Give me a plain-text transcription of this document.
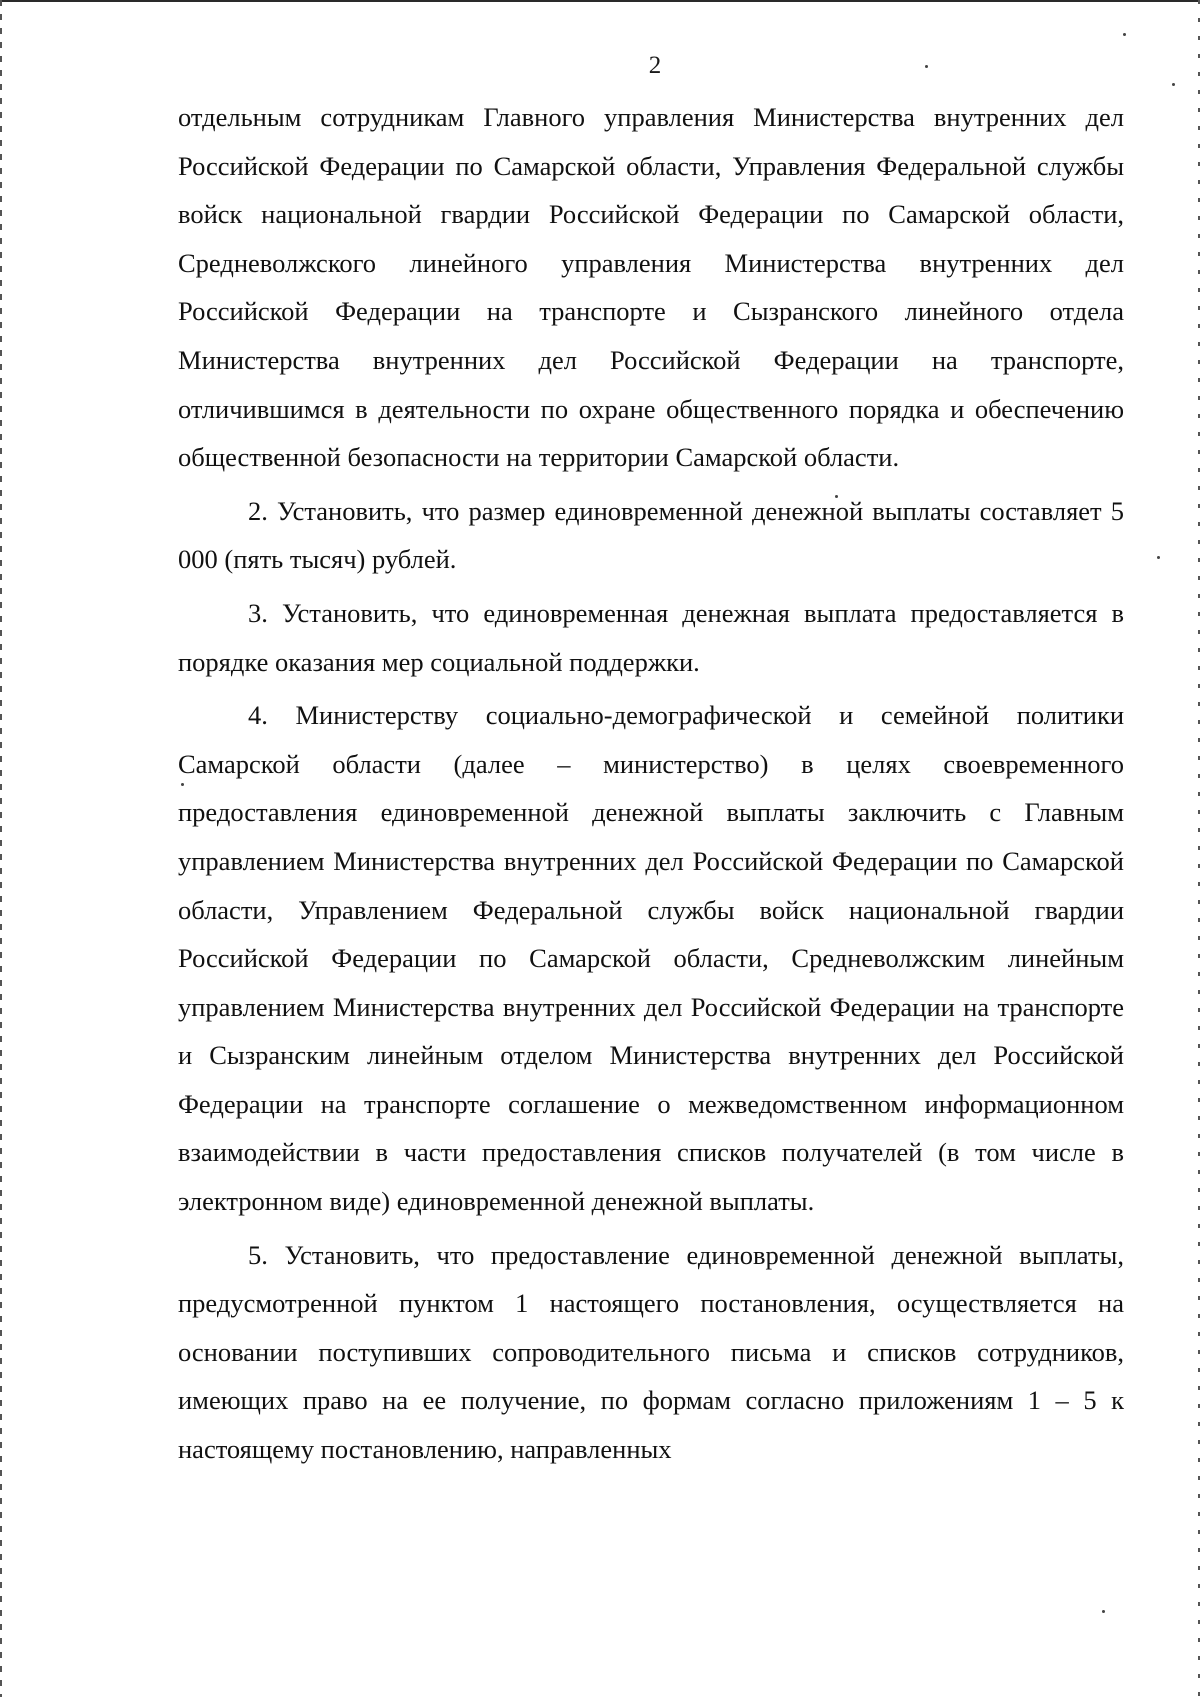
2

отдельным сотрудникам Главного управления Министерства внутренних дел Российской Федерации по Самарской области, Управления Федеральной службы войск национальной гвардии Российской Федерации по Самарской области, Средневолжского линейного управления Министерства внутренних дел Российской Федерации на транспорте и Сызранского линейного отдела Министерства внутренних дел Российской Федерации на транспорте, отличившимся в деятельности по охране общественного порядка и обеспечению общественной безопасности на территории Самарской области.

2. Установить, что размер единовременной денежной выплаты составляет 5 000 (пять тысяч) рублей.

3. Установить, что единовременная денежная выплата предоставляется в порядке оказания мер социальной поддержки.

4. Министерству социально-демографической и семейной политики Самарской области (далее – министерство) в целях своевременного предоставления единовременной денежной выплаты заключить с Главным управлением Министерства внутренних дел Российской Федерации по Самарской области, Управлением Федеральной службы войск национальной гвардии Российской Федерации по Самарской области, Средневолжским линейным управлением Министерства внутренних дел Российской Федерации на транспорте и Сызранским линейным отделом Министерства внутренних дел Российской Федерации на транспорте соглашение о межведомственном информационном взаимодействии в части предоставления списков получателей (в том числе в электронном виде) единовременной денежной выплаты.

5. Установить, что предоставление единовременной денежной выплаты, предусмотренной пунктом 1 настоящего постановления, осуществляется на основании поступивших сопроводительного письма и списков сотрудников, имеющих право на ее получение, по формам согласно приложениям 1 – 5 к настоящему постановлению, направленных
